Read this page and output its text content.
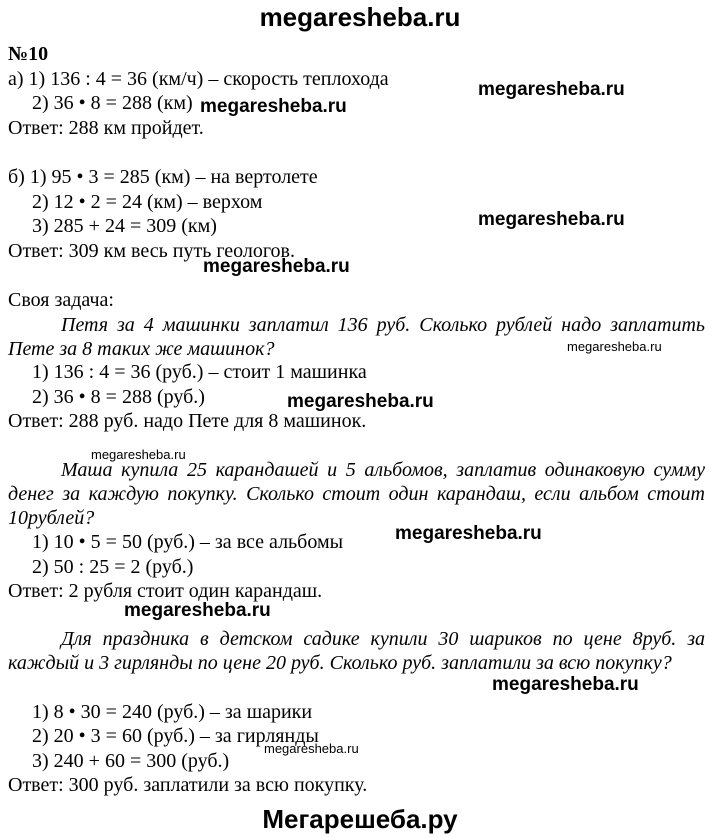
megaresheba.ru
№10
а) 1) 136 : 4 = 36 (км/ч) – скорость теплохода
2) 36 • 8 = 288 (км)
Ответ: 288 км пройдет.
б) 1) 95 • 3 = 285 (км) – на вертолете
2) 12 • 2 = 24 (км) – верхом
3) 285 + 24 = 309 (км)
Ответ: 309 км весь путь геологов.
Своя задача:
Петя за 4 машинки заплатил 136 руб. Сколько рублей надо заплатить Пете за 8 таких же машинок?
1) 136 : 4 = 36 (руб.) – стоит 1 машинка
2) 36 • 8 = 288 (руб.)
Ответ: 288 руб. надо Пете для 8 машинок.
Маша купила 25 карандашей и 5 альбомов, заплатив одинаковую сумму денег за каждую покупку. Сколько стоит один карандаш, если альбом стоит 10рублей?
1) 10 • 5 = 50 (руб.) – за все альбомы
2) 50 : 25 = 2 (руб.)
Ответ: 2 рубля стоит один карандаш.
Для праздника в детском садике купили 30 шариков по цене 8руб. за каждый и 3 гирлянды по цене 20 руб. Сколько руб. заплатили за всю покупку?
1) 8 • 30 = 240 (руб.) – за шарики
2) 20 • 3 = 60 (руб.) – за гирлянды
3) 240 + 60 = 300 (руб.)
Ответ: 300 руб. заплатили за всю покупку.
megaresheba.ru
megaresheba.ru
megaresheba.ru
megaresheba.ru
megaresheba.ru
megaresheba.ru
megaresheba.ru
megaresheba.ru
megaresheba.ru
megaresheba.ru
megaresheba.ru
Мегарешеба.ру
